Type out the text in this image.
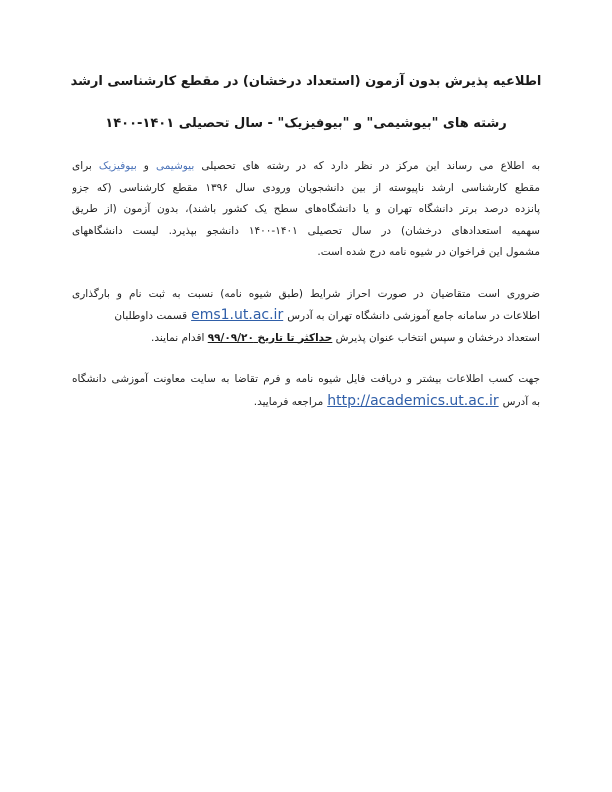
اطلاعیه پذیرش بدون آزمون (استعداد درخشان) در مقطع کارشناسی ارشد
رشته های "بیوشیمی" و "بیوفیزیک" - سال تحصیلی ۱۴۰۱-۱۴۰۰

به اطلاع می رساند این مرکز در نظر دارد که در رشته های تحصیلی بیوشیمی و بیوفیزیک برای
مقطع کارشناسی ارشد ناپیوسته از بین دانشجویان ورودی سال ۱۳۹۶ مقطع کارشناسی (که جزو
پانزده درصد برتر دانشگاه تهران و یا دانشگاه‌های سطح یک کشور باشند)، بدون آزمون (از طریق
سهمیه استعدادهای درخشان) در سال تحصیلی ۱۴۰۱-۱۴۰۰ دانشجو بپذیرد. لیست دانشگاههای
مشمول این فراخوان در شیوه نامه درج شده است.

ضروری است متقاضیان در صورت احراز شرایط (طبق شیوه نامه) نسبت به ثبت نام و بارگذاری
اطلاعات در سامانه جامع آموزشی دانشگاه تهران به آدرسems1.ut.ac.irقسمت داوطلبان
استعداد درخشان و سپس انتخاب عنوان پذیرش حداکثر تا تاریخ ۹۹/۰۹/۲۰ اقدام نمایند.

جهت کسب اطلاعات بیشتر و دریافت فایل شیوه نامه و فرم تقاضا به سایت معاونت آموزشی دانشگاه
به آدرسhttp://academics.ut.ac.irمراجعه فرمایید.
